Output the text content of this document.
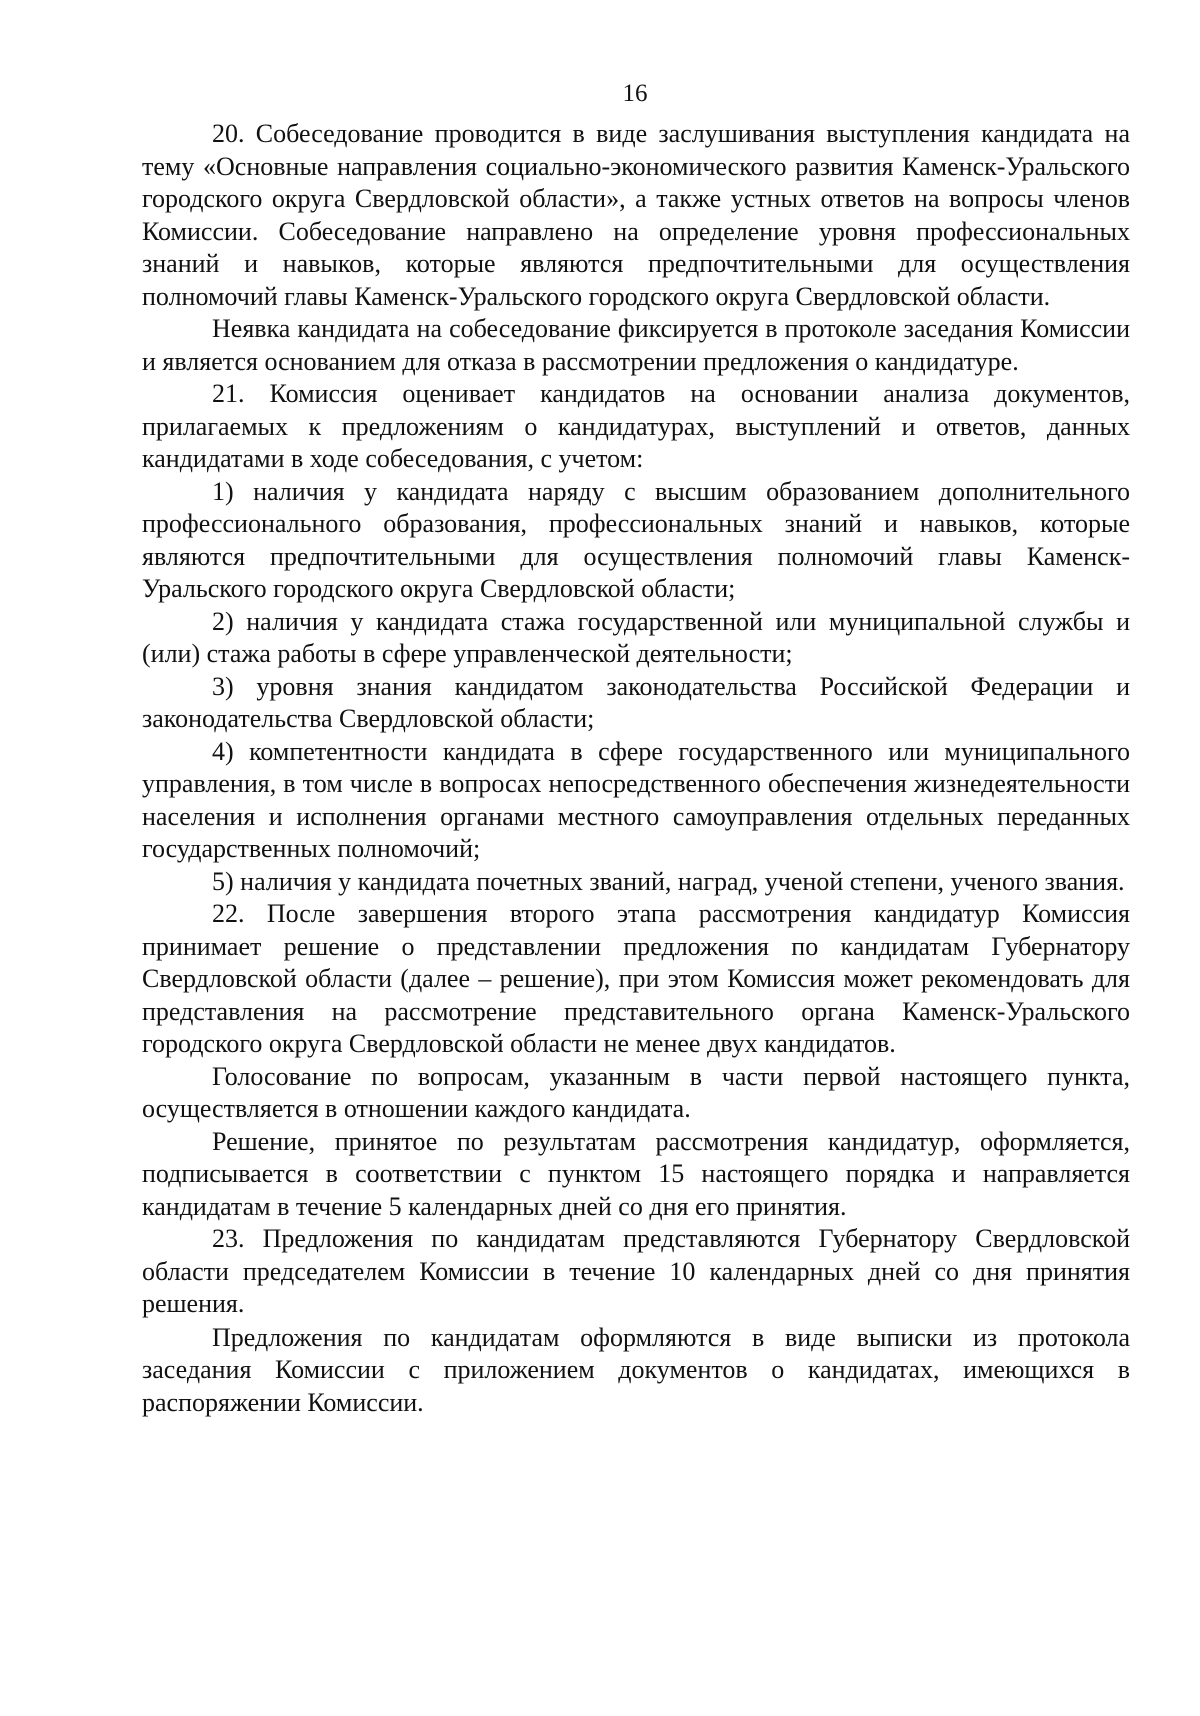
16

20. Собеседование проводится в виде заслушивания выступления кандидата на тему «Основные направления социально-экономического развития Каменск-Уральского городского округа Свердловской области», а также устных ответов на вопросы членов Комиссии. Собеседование направлено на определение уровня профессиональных знаний и навыков, которые являются предпочтительными для осуществления полномочий главы Каменск-Уральского городского округа Свердловской области.

Неявка кандидата на собеседование фиксируется в протоколе заседания Комиссии и является основанием для отказа в рассмотрении предложения о кандидатуре.

21. Комиссия оценивает кандидатов на основании анализа документов, прилагаемых к предложениям о кандидатурах, выступлений и ответов, данных кандидатами в ходе собеседования, с учетом:

1) наличия у кандидата наряду с высшим образованием дополнительного профессионального образования, профессиональных знаний и навыков, которые являются предпочтительными для осуществления полномочий главы Каменск-Уральского городского округа Свердловской области;

2) наличия у кандидата стажа государственной или муниципальной службы и (или) стажа работы в сфере управленческой деятельности;

3) уровня знания кандидатом законодательства Российской Федерации и законодательства Свердловской области;

4) компетентности кандидата в сфере государственного или муниципального управления, в том числе в вопросах непосредственного обеспечения жизнедеятельности населения и исполнения органами местного самоуправления отдельных переданных государственных полномочий;

5) наличия у кандидата почетных званий, наград, ученой степени, ученого звания.

22. После завершения второго этапа рассмотрения кандидатур Комиссия принимает решение о представлении предложения по кандидатам Губернатору Свердловской области (далее – решение), при этом Комиссия может рекомендовать для представления на рассмотрение представительного органа Каменск-Уральского городского округа Свердловской области не менее двух кандидатов.

Голосование по вопросам, указанным в части первой настоящего пункта, осуществляется в отношении каждого кандидата.

Решение, принятое по результатам рассмотрения кандидатур, оформляется, подписывается в соответствии с пунктом 15 настоящего порядка и направляется кандидатам в течение 5 календарных дней со дня его принятия.

23. Предложения по кандидатам представляются Губернатору Свердловской области председателем Комиссии в течение 10 календарных дней со дня принятия решения.

Предложения по кандидатам оформляются в виде выписки из протокола заседания Комиссии с приложением документов о кандидатах, имеющихся в распоряжении Комиссии.
